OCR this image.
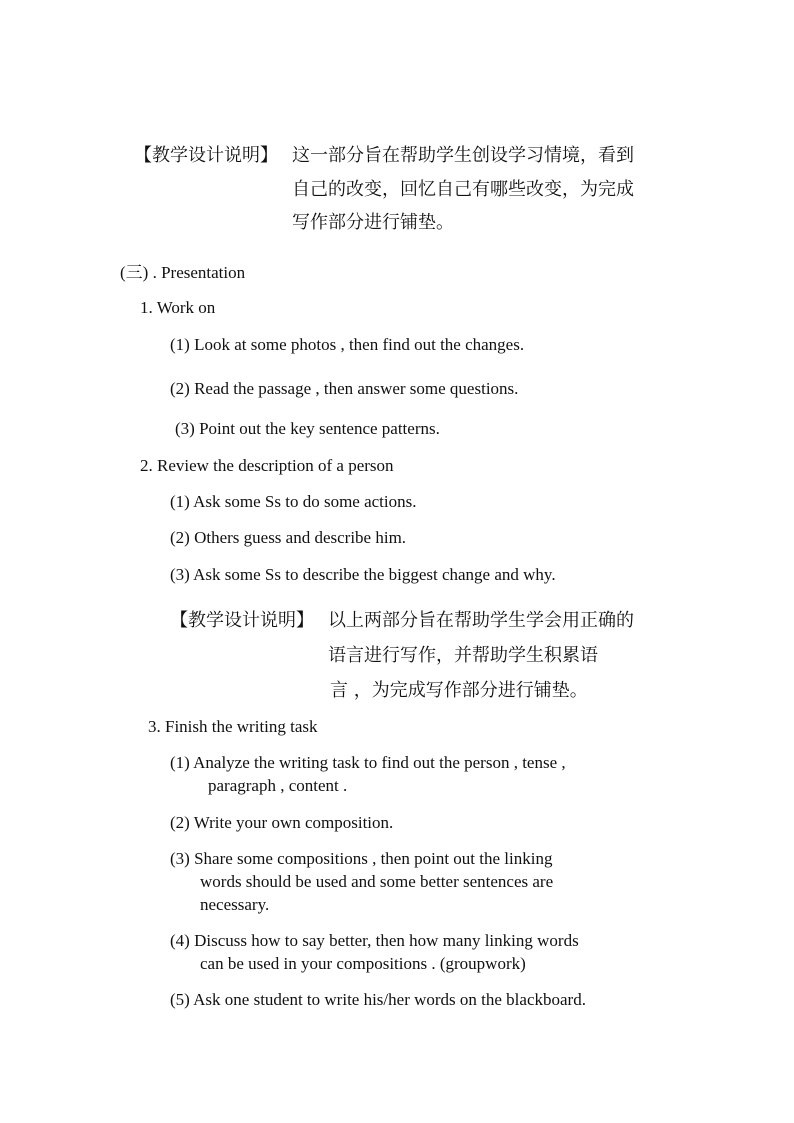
【教学设计说明】 这一部分旨在帮助学生创设学习情境，看到
自己的改变，回忆自己有哪些改变，为完成
写作部分进行铺垫。
(三) . Presentation
1. Work on
(1) Look at some photos , then find out the changes.
(2) Read the passage , then answer some questions.
(3) Point out the key sentence patterns.
2. Review the description of a person
(1) Ask some Ss to do some actions.
(2) Others guess and describe him.
(3) Ask some Ss to describe the biggest change and why.
【教学设计说明】 以上两部分旨在帮助学生学会用正确的
语言进行写作，并帮助学生积累语
言 ，为完成写作部分进行铺垫。
3. Finish the writing task
(1) Analyze the writing task to find out the person , tense ,
paragraph , content .
(2) Write your own composition.
(3) Share some compositions , then point out the linking
words should be used and some better sentences are
necessary.
(4) Discuss how to say better, then how many linking words
can be used in your compositions . (groupwork)
(5) Ask one student to write his/her words on the blackboard.
